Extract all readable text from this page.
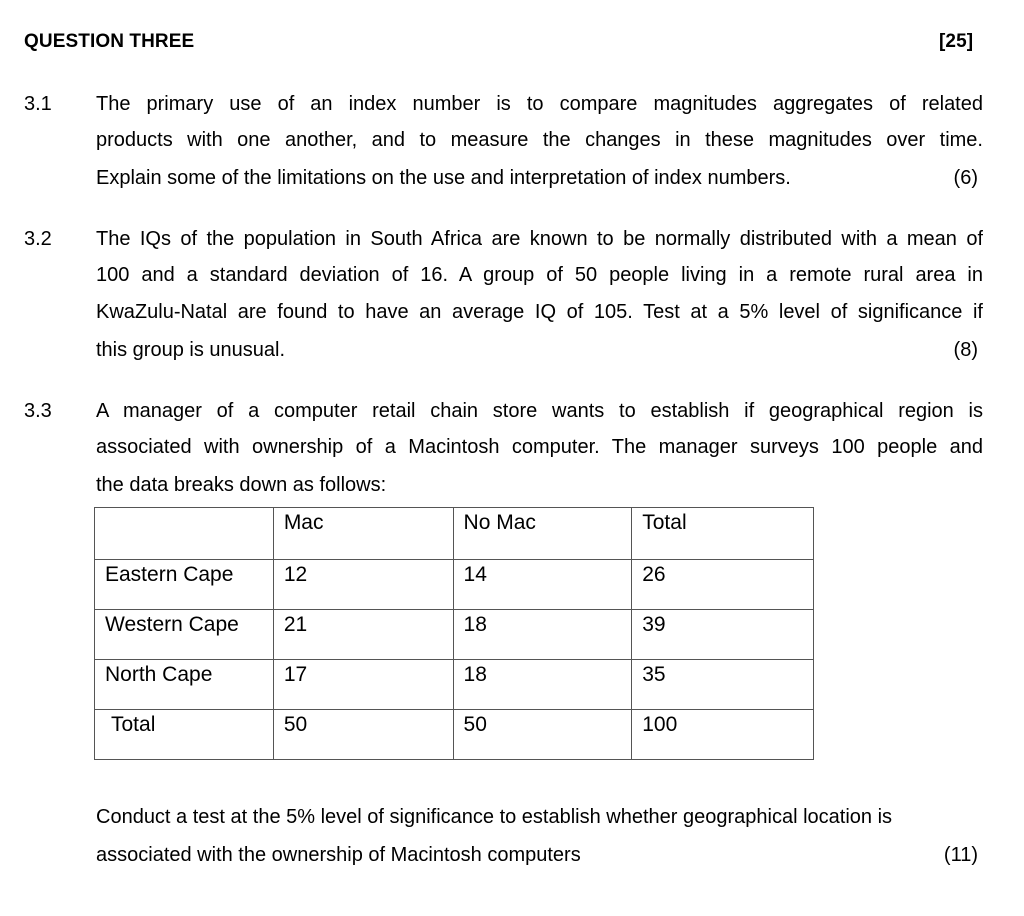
QUESTION THREE	[25]
3.1 The primary use of an index number is to compare magnitudes aggregates of related
products with one another, and to measure the changes in these magnitudes over time.
Explain some of the limitations on the use and interpretation of index numbers.	(6)
3.2 The IQs of the population in South Africa are known to be normally distributed with a mean of
100 and a standard deviation of 16. A group of 50 people living in a remote rural area in
KwaZulu-Natal are found to have an average IQ of 105. Test at a 5% level of significance if
this group is unusual.	(8)
3.3 A manager of a computer retail chain store wants to establish if geographical region is
associated with ownership of a Macintosh computer. The manager surveys 100 people and
the data breaks down as follows:
	Mac	No Mac	Total
Eastern Cape	12	14	26
Western Cape	21	18	39
North Cape	17	18	35
Total	50	50	100
Conduct a test at the 5% level of significance to establish whether geographical location is
associated with the ownership of Macintosh computers	(11)
